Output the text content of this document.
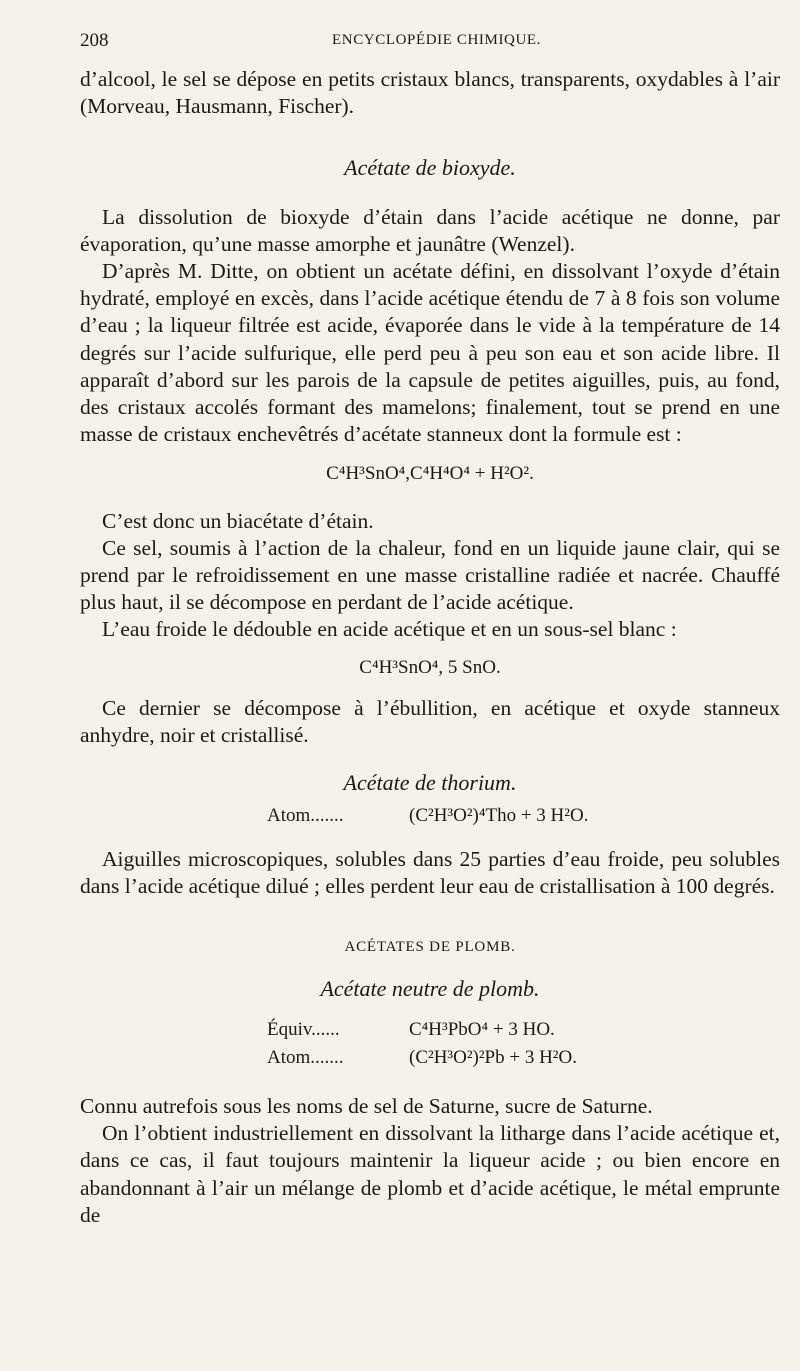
208	ENCYCLOPÉDIE CHIMIQUE.

d’alcool, le sel se dépose en petits cristaux blancs, transparents, oxydables à l’air (Morveau, Hausmann, Fischer).

Acétate de bioxyde.

La dissolution de bioxyde d’étain dans l’acide acétique ne donne, par évaporation, qu’une masse amorphe et jaunâtre (Wenzel).

D’après M. Ditte, on obtient un acétate défini, en dissolvant l’oxyde d’étain hydraté, employé en excès, dans l’acide acétique étendu de 7 à 8 fois son volume d’eau ; la liqueur filtrée est acide, évaporée dans le vide à la température de 14 degrés sur l’acide sulfurique, elle perd peu à peu son eau et son acide libre. Il apparaît d’abord sur les parois de la capsule de petites aiguilles, puis, au fond, des cristaux accolés formant des mamelons; finalement, tout se prend en une masse de cristaux enchevêtrés d’acétate stanneux dont la formule est :

C⁴H³SnO⁴,C⁴H⁴O⁴ + H²O².

C’est donc un biacétate d’étain.

Ce sel, soumis à l’action de la chaleur, fond en un liquide jaune clair, qui se prend par le refroidissement en une masse cristalline radiée et nacrée. Chauffé plus haut, il se décompose en perdant de l’acide acétique.

L’eau froide le dédouble en acide acétique et en un sous-sel blanc :

C⁴H³SnO⁴, 5 SnO.

Ce dernier se décompose à l’ébullition, en acétique et oxyde stanneux anhydre, noir et cristallisé.

Acétate de thorium.

Atom.......	(C²H³O²)⁴Tho + 3 H²O.

Aiguilles microscopiques, solubles dans 25 parties d’eau froide, peu solubles dans l’acide acétique dilué ; elles perdent leur eau de cristallisation à 100 degrés.

ACÉTATES DE PLOMB.

Acétate neutre de plomb.

Équiv......	C⁴H³PbO⁴ + 3 HO.
Atom.......	(C²H³O²)²Pb + 3 H²O.

Connu autrefois sous les noms de sel de Saturne, sucre de Saturne.

On l’obtient industriellement en dissolvant la litharge dans l’acide acétique et, dans ce cas, il faut toujours maintenir la liqueur acide ; ou bien encore en abandonnant à l’air un mélange de plomb et d’acide acétique, le métal emprunte de
